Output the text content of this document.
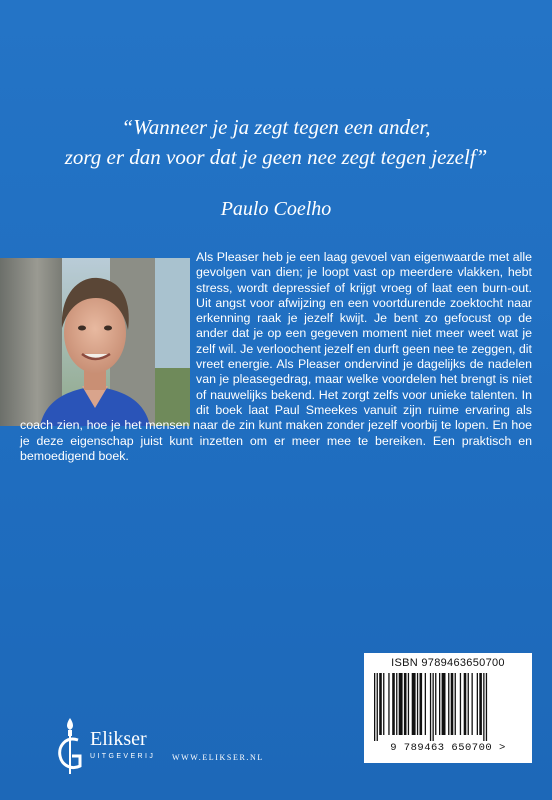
“Wanneer je ja zegt tegen een ander,
zorg er dan voor dat je geen nee zegt tegen jezelf”
Paulo Coelho

Als Pleaser heb je een laag gevoel van eigenwaarde met alle gevolgen van dien; je loopt vast op meerdere vlakken, hebt stress, wordt depressief of krijgt vroeg of laat een burn-out. Uit angst voor afwijzing en een voortdurende zoektocht naar erkenning raak je jezelf kwijt. Je bent zo gefocust op de ander dat je op een gegeven moment niet meer weet wat je zelf wil. Je verloochent jezelf en durft geen nee te zeggen, dit vreet energie. Als Pleaser ondervind je dagelijks de nadelen van je pleasegedrag, maar welke voordelen het brengt is niet of nauwelijks bekend. Het zorgt zelfs voor unieke talenten. In dit boek laat Paul Smeekes vanuit zijn ruime ervaring als coach zien, hoe je het mensen naar de zin kunt maken zonder jezelf voorbij te lopen. En hoe je deze eigenschap juist kunt inzetten om er meer mee te bereiken. Een praktisch en bemoedigend boek.

Elikser
UITGEVERIJ WWW.ELIKSER.NL
ISBN 9789463650700
9 789463 650700 >
